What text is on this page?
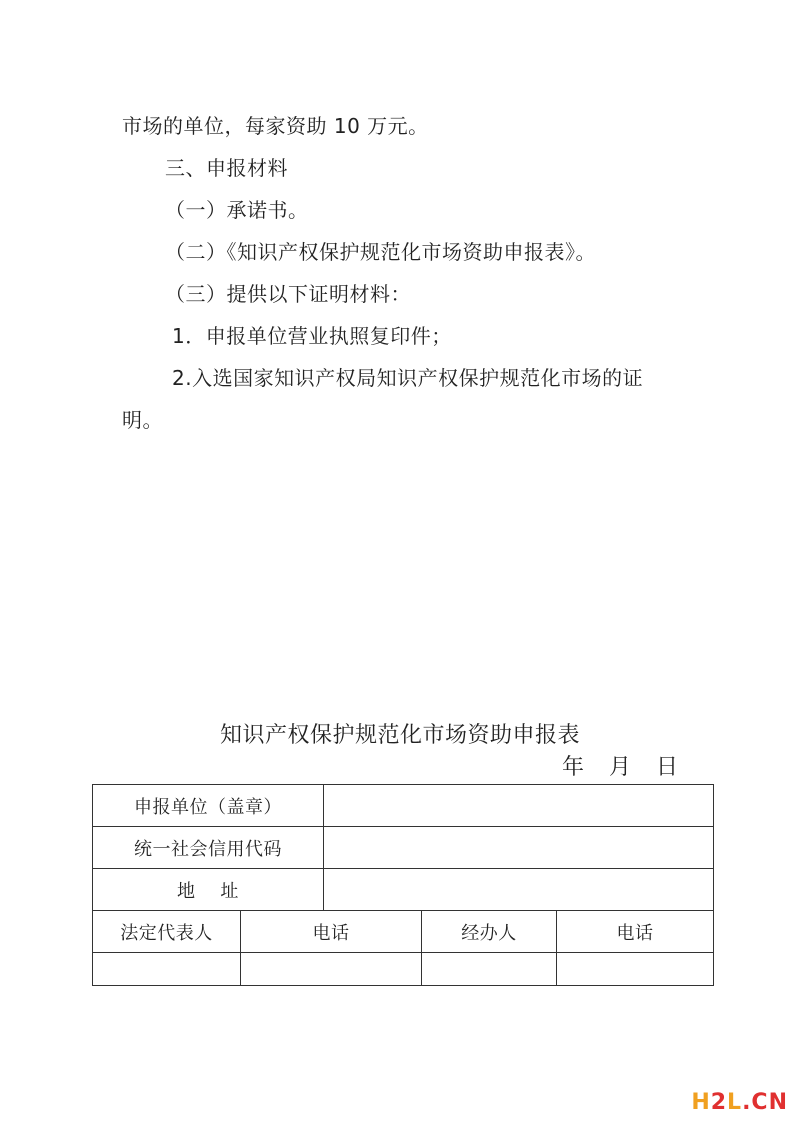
市场的单位，每家资助 10 万元。
三、申报材料
（一）承诺书。
（二）《知识产权保护规范化市场资助申报表》。
（三）提供以下证明材料：
1．申报单位营业执照复印件；
2.入选国家知识产权局知识产权保护规范化市场的证
明。
知识产权保护规范化市场资助申报表
年   月   日
申报单位（盖章）
统一社会信用代码
地    址
法定代表人	电话	经办人	电话
H2L.CN
